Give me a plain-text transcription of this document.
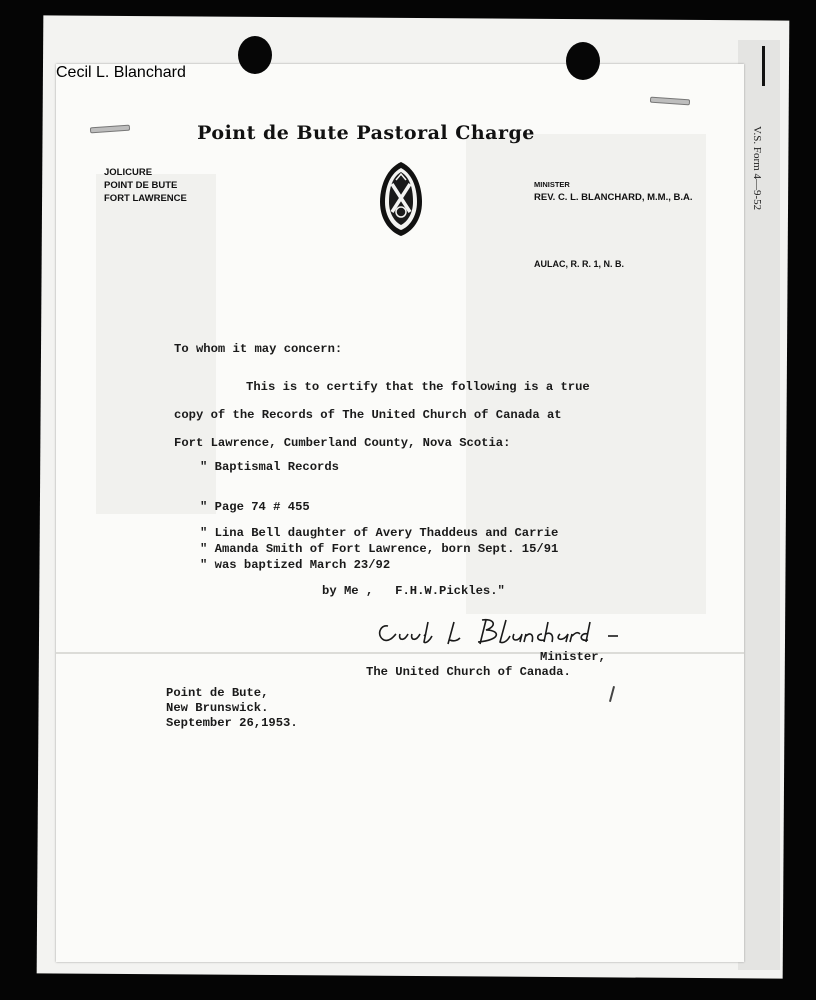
V.S. Form 4—9-52
Point de Bute Pastoral Charge
JOLICURE
POINT DE BUTE
FORT LAWRENCE
MINISTER
REV. C. L. BLANCHARD, M.M., B.A.
AULAC, R. R. 1, N. B.
To whom it may concern:
This is to certify that the following is a true
copy of the Records of The United Church of Canada at
Fort Lawrence, Cumberland County, Nova Scotia:
" Baptismal Records
" Page 74 # 455
" Lina Bell daughter of Avery Thaddeus and Carrie
" Amanda Smith of Fort Lawrence, born Sept. 15/91
" was baptized March 23/92
by Me ,   F.H.W.Pickles."
Cecil L. Blanchard
Minister,
The United Church of Canada.
Point de Bute,
New Brunswick.
September 26,1953.
